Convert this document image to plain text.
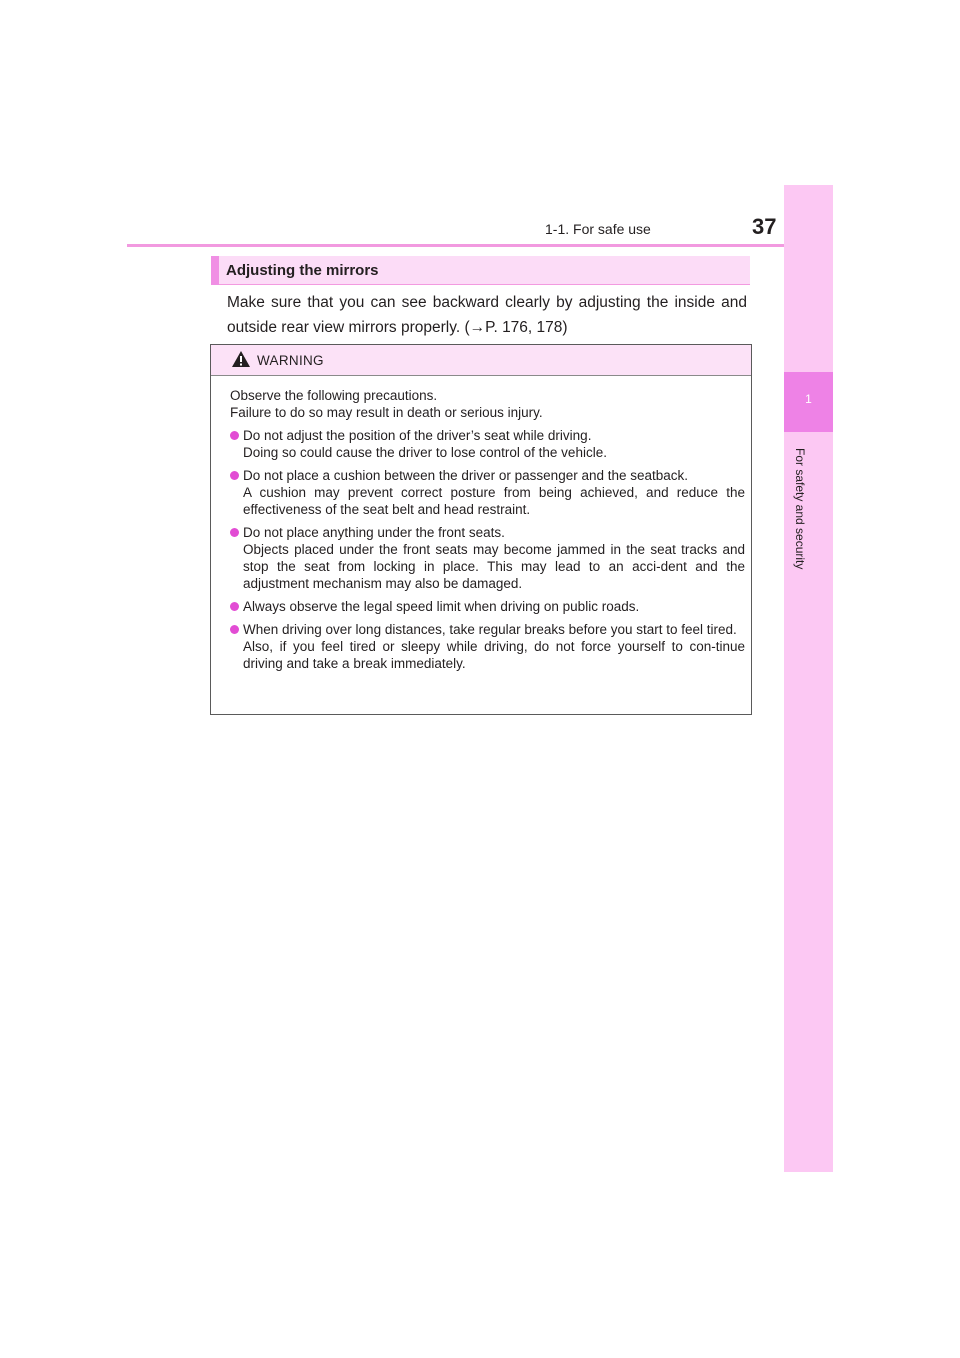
1-1. For safe use	37
1
For safety and security
Adjusting the mirrors
Make sure that you can see backward clearly by adjusting the inside and outside rear view mirrors properly. (→P. 176, 178)
WARNING

Observe the following precautions.

Failure to do so may result in death or serious injury.

Do not adjust the position of the driver’s seat while driving.
Doing so could cause the driver to lose control of the vehicle.
Do not place a cushion between the driver or passenger and the seatback.
A cushion may prevent correct posture from being achieved, and reduce the effectiveness of the seat belt and head restraint.
Do not place anything under the front seats.
Objects placed under the front seats may become jammed in the seat tracks and stop the seat from locking in place. This may lead to an acci-dent and the adjustment mechanism may also be damaged.
Always observe the legal speed limit when driving on public roads.
When driving over long distances, take regular breaks before you start to feel tired.
Also, if you feel tired or sleepy while driving, do not force yourself to con-tinue driving and take a break immediately.
